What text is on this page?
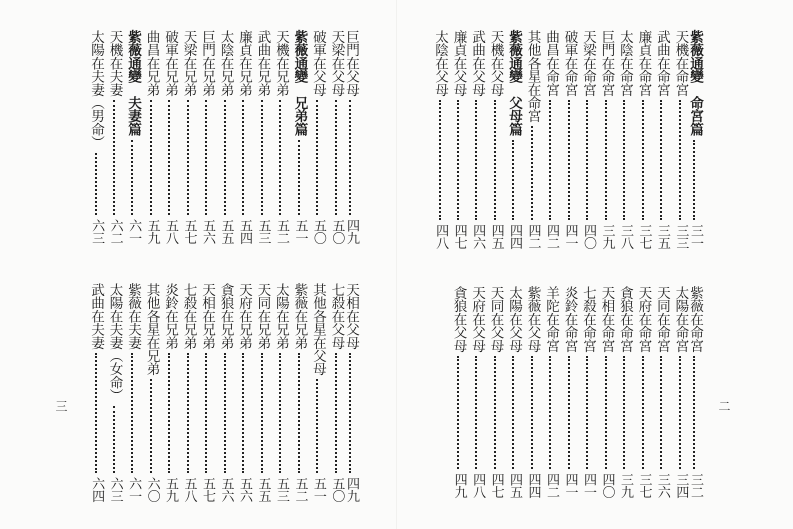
巨門在父母
四九
天梁在父母
五〇
破軍在父母
五〇
紫薇通變　兄弟篇
五一
天機在兄弟
五二
武曲在兄弟
五三
廉貞在兄弟
五四
太陰在兄弟
五五
巨門在兄弟
五六
天梁在兄弟
五七
破軍在兄弟
五八
曲昌在兄弟
五九
紫薇通變　夫妻篇
六一
天機在夫妻
六二
太陽在夫妻（男命）
六三
天相在父母
四九
七殺在父母
五〇
其他各星在父母
五一
紫薇在兄弟
五二
太陽在兄弟
五三
天同在兄弟
五五
天府在兄弟
五六
貪狼在兄弟
五六
天相在兄弟
五七
七殺在兄弟
五八
炎鈴在兄弟
五九
其他各星在兄弟
六〇
紫薇在夫妻
六一
太陽在夫妻（女命）
六三
武曲在夫妻
六四
紫薇通變　命宮篇
三一
天機在命宮
三三
武曲在命宮
三五
廉貞在命宮
三七
太陰在命宮
三八
巨門在命宮
三九
天梁在命宮
四〇
破軍在命宮
四一
曲昌在命宮
四二
其他各星在命宮
四二
紫薇通變　父母篇
四四
天機在父母
四五
武曲在父母
四六
廉貞在父母
四七
太陰在父母
四八
紫薇在命宮
三二
太陽在命宮
三四
天同在命宮
三六
天府在命宮
三七
貪狼在命宮
三九
天相在命宮
四〇
七殺在命宮
四一
炎鈴在命宮
四一
羊陀在命宮
四二
紫薇在父母
四四
太陽在父母
四五
天同在父母
四七
天府在父母
四八
貪狼在父母
四九
三	二
